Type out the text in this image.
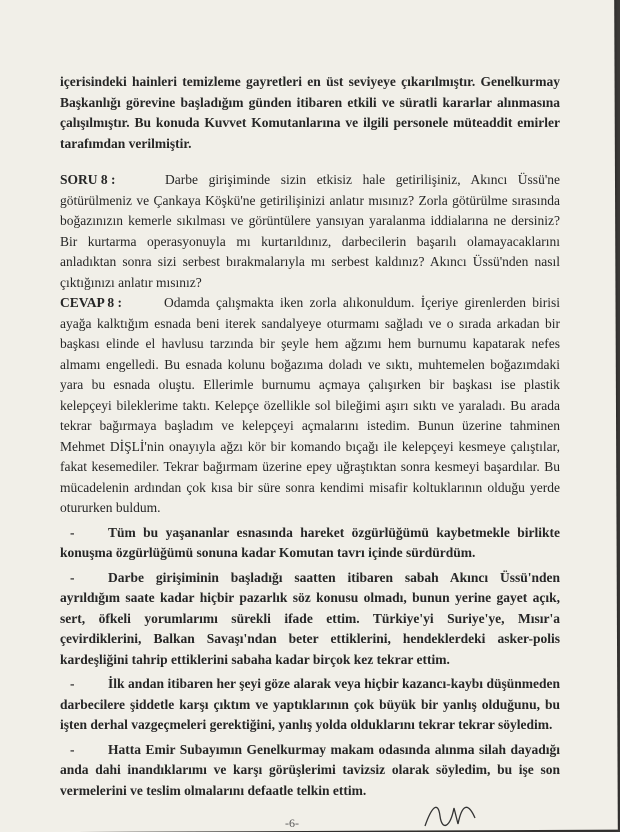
içerisindeki hainleri temizleme gayretleri en üst seviyeye çıkarılmıştır. Genelkurmay Başkanlığı görevine başladığım günden itibaren etkili ve süratli kararlar alınmasına çalışılmıştır. Bu konuda Kuvvet Komutanlarına ve ilgili personele müteaddit emirler tarafımdan verilmiştir.

SORU 8 :	Darbe girişiminde sizin etkisiz hale getirilişiniz, Akıncı Üssü'ne götürülmeniz ve Çankaya Köşkü'ne getirilişinizi anlatır mısınız? Zorla götürülme sırasında boğazınızın kemerle sıkılması ve görüntülere yansıyan yaralanma iddialarına ne dersiniz? Bir kurtarma operasyonuyla mı kurtarıldınız, darbecilerin başarılı olamayacaklarını anladıktan sonra sizi serbest bırakmalarıyla mı serbest kaldınız? Akıncı Üssü'nden nasıl çıktığınızı anlatır mısınız?

CEVAP 8 :	Odamda çalışmakta iken zorla alıkonuldum. İçeriye girenlerden birisi ayağa kalktığım esnada beni iterek sandalyeye oturmamı sağladı ve o sırada arkadan bir başkası elinde el havlusu tarzında bir şeyle hem ağzımı hem burnumu kapatarak nefes almamı engelledi. Bu esnada kolunu boğazıma doladı ve sıktı, muhtemelen boğazımdaki yara bu esnada oluştu. Ellerimle burnumu açmaya çalışırken bir başkası ise plastik kelepçeyi bileklerime taktı. Kelepçe özellikle sol bileğimi aşırı sıktı ve yaraladı. Bu arada tekrar bağırmaya başladım ve kelepçeyi açmalarını istedim. Bunun üzerine tahminen Mehmet DİŞLİ'nin onayıyla ağzı kör bir komando bıçağı ile kelepçeyi kesmeye çalıştılar, fakat kesemediler. Tekrar bağırmam üzerine epey uğraştıktan sonra kesmeyi başardılar. Bu mücadelenin ardından çok kısa bir süre sonra kendimi misafir koltuklarının olduğu yerde otururken buldum.

- Tüm bu yaşananlar esnasında hareket özgürlüğümü kaybetmekle birlikte konuşma özgürlüğümü sonuna kadar Komutan tavrı içinde sürdürdüm.

- Darbe girişiminin başladığı saatten itibaren sabah Akıncı Üssü'nden ayrıldığım saate kadar hiçbir pazarlık söz konusu olmadı, bunun yerine gayet açık, sert, öfkeli yorumlarımı sürekli ifade ettim. Türkiye'yi Suriye'ye, Mısır'a çevirdiklerini, Balkan Savaşı'ndan beter ettiklerini, hendeklerdeki asker-polis kardeşliğini tahrip ettiklerini sabaha kadar birçok kez tekrar ettim.

- İlk andan itibaren her şeyi göze alarak veya hiçbir kazancı-kaybı düşünmeden darbecilere şiddetle karşı çıktım ve yaptıklarının çok büyük bir yanlış olduğunu, bu işten derhal vazgeçmeleri gerektiğini, yanlış yolda olduklarını tekrar tekrar söyledim.

- Hatta Emir Subayımın Genelkurmay makam odasında alınma silah dayadığı anda dahi inandıklarımı ve karşı görüşlerimi tavizsiz olarak söyledim, bu işe son vermelerini ve teslim olmalarını defaatle telkin ettim.

-6-
